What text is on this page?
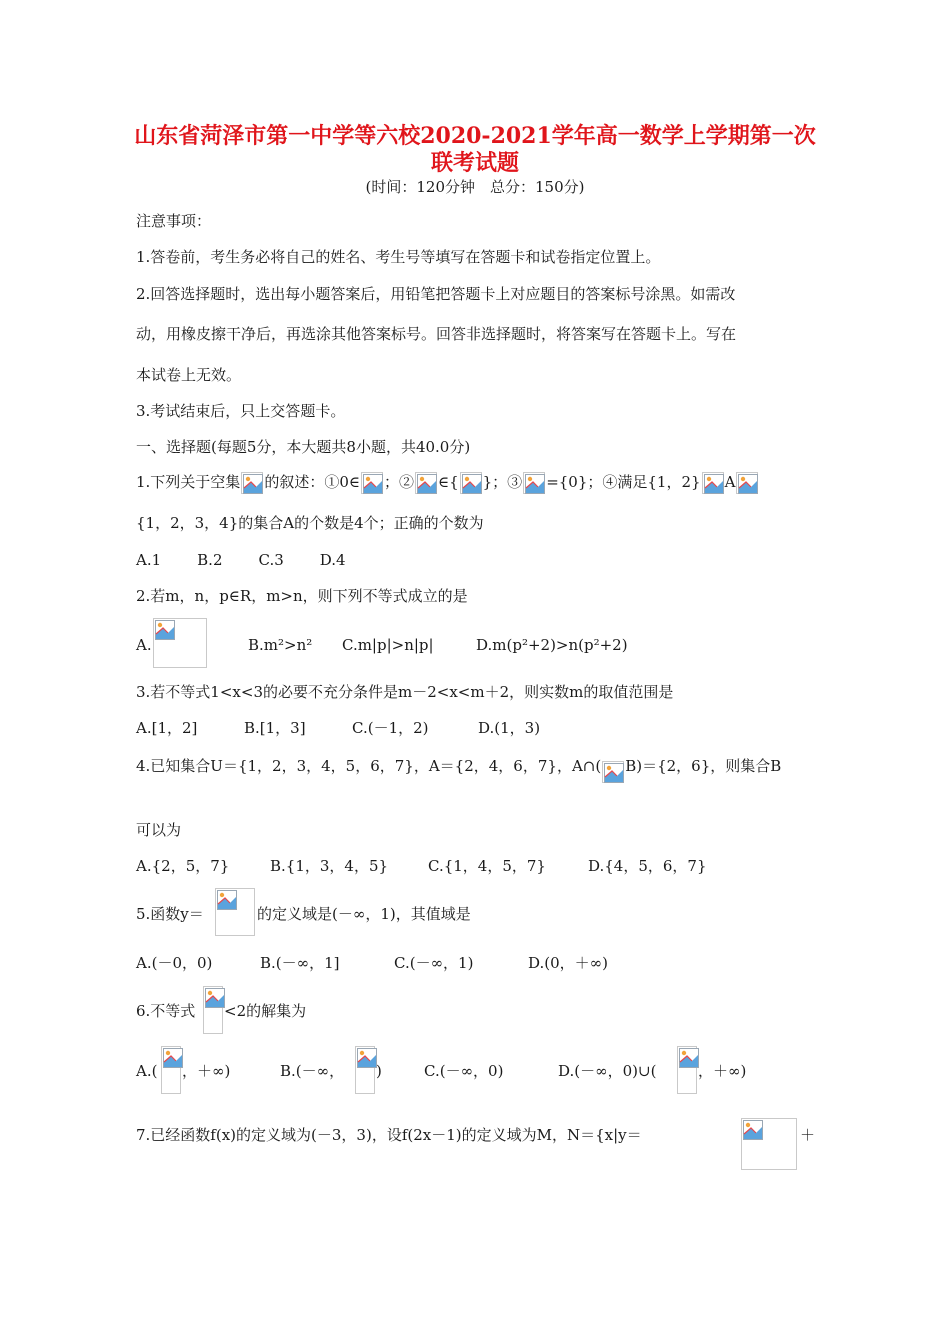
山东省菏泽市第一中学等六校2020-2021学年高一数学上学期第一次
联考试题
(时间：120分钟　总分：150分)
注意事项：
1.答卷前，考生务必将自己的姓名、考生号等填写在答题卡和试卷指定位置上。
2.回答选择题时，选出每小题答案后，用铅笔把答题卡上对应题目的答案标号涂黑。如需改
动，用橡皮擦干净后，再选涂其他答案标号。回答非选择题时，将答案写在答题卡上。写在
本试卷上无效。
3.考试结束后，只上交答题卡。
一、选择题(每题5分，本大题共8小题，共40.0分)
1.下列关于空集 的叙述：①0∈ ；② ∈{ }；③ ={0}；④满足{1，2} A
{1，2，3，4}的集合A的个数是4个；正确的个数为
A.1 B.2 C.3 D.4
2.若m，n，p∈R，m>n，则下列不等式成立的是
A.	B.m²>n² C.m|p|>n|p|	D.m(p²+2)>n(p²+2)
3.若不等式1<x<3的必要不充分条件是m－2<x<m＋2，则实数m的取值范围是
A.[1，2]	B.[1，3]	C.(－1，2)	D.(1，3)
4.已知集合U＝{1，2，3，4，5，6，7}，A＝{2，4，6，7}，A∩( B)＝{2，6}，则集合B
可以为
A.{2，5，7}	B.{1，3，4，5}	C.{1，4，5，7}	D.{4，5，6，7}
5.函数y＝	的定义域是(－∞，1)，其值域是
A.(－0，0)	B.(－∞，1]	C.(－∞，1)	D.(0，＋∞)
6.不等式 <2的解集为
A.( ，＋∞)	B.(－∞， )	C.(－∞，0)	D.(－∞，0)∪(	，＋∞)
7.已经函数f(x)的定义域为(－3，3)，设f(2x－1)的定义域为M，N＝{x|y＝	＋
